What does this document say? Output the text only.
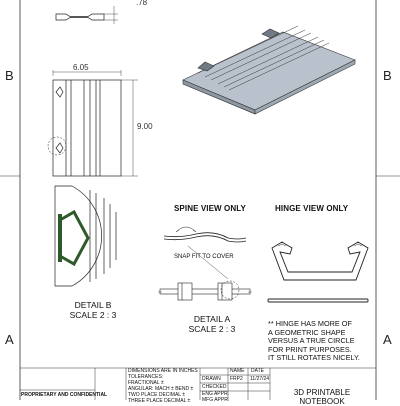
B	B
A	A
.78
6.05
9.00
SPINE VIEW ONLY	HINGE VIEW ONLY
SNAP FIT TO COVER
DETAIL B
SCALE 2 : 3	DETAIL A
SCALE 2 : 3
** HINGE HAS MORE OF
A GEOMETRIC SHAPE
VERSUS A TRUE CIRCLE
FOR PRINT PURPOSES.
IT STILL ROTATES NICELY.
DIMENSIONS ARE IN INCHES
TOLERANCES:
FRACTIONAL ±
ANGULAR: MACH ± BEND ±
TWO PLACE DECIMAL ±
THREE PLACE DECIMAL ±
NAME DATE
DRAWN FRP2 11/27/24
CHECKED
ENG APPR.
MFG APPR.
PROPRIETARY AND CONFIDENTIAL	3D PRINTABLE
NOTEBOOK
